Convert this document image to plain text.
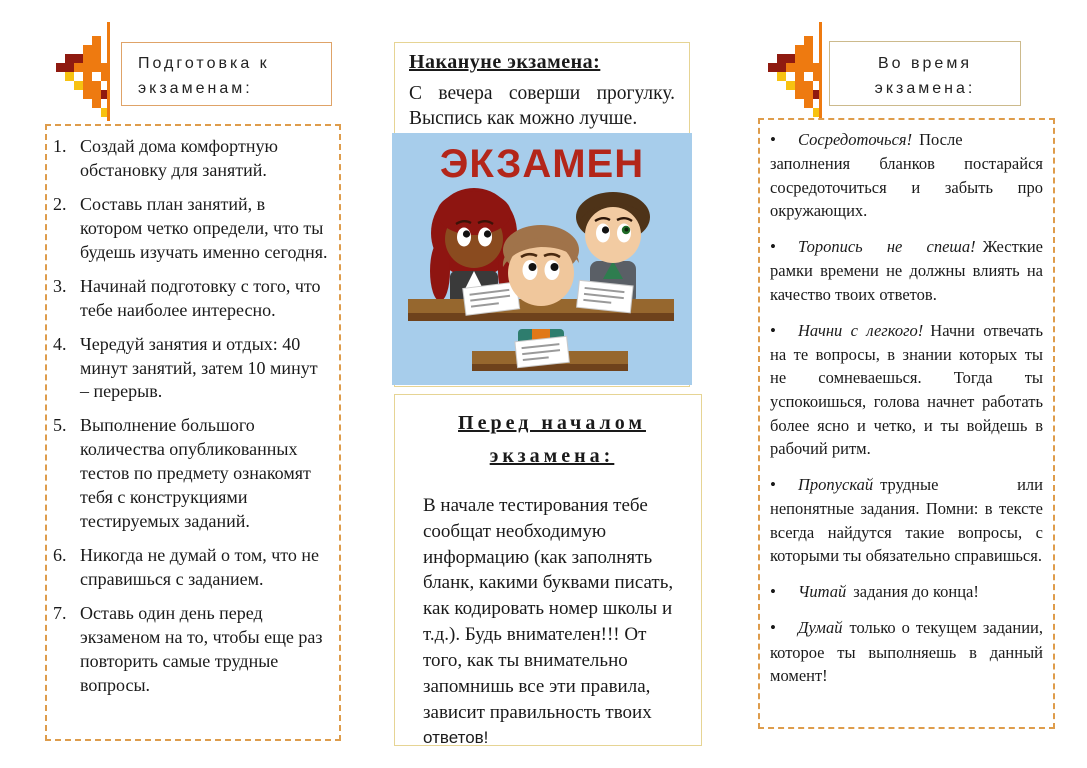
Подготовка к экзаменам:
1. Создай дома комфортную обстановку для занятий.
2. Составь план занятий, в котором четко определи, что ты будешь изучать именно сегодня.
3. Начинай подготовку с того, что тебе наиболее интересно.
4. Чередуй занятия и отдых: 40 минут занятий, затем 10 минут – перерыв.
5. Выполнение большого количества опубликованных тестов по предмету ознакомят тебя с конструкциями тестируемых заданий.
6. Никогда не думай о том, что не справишься с заданием.
7. Оставь один день перед экзаменом на то, чтобы еще раз повторить самые трудные вопросы.
Накануне экзамена:
С вечера соверши прогулку. Выспись как можно лучше.
ЭКЗАМЕН
Перед началом экзамена:
В начале тестирования тебе сообщат необходимую информацию (как заполнять бланк, какими буквами писать, как кодировать номер школы и т.д.). Будь внимателен!!! От того, как ты внимательно запомнишь все эти правила, зависит правильность твоих ответов!
Во время экзамена:

• Сосредоточься! После заполнения бланков постарайся сосредоточиться и забыть про окружающих.

• Торопись не спеша! Жесткие рамки времени не должны влиять на качество твоих ответов.

• Начни с легкого! Начни отвечать на те вопросы, в знании которых ты не сомневаешься. Тогда ты успокоишься, голова начнет работать более ясно и четко, и ты войдешь в рабочий ритм.

• Пропускай трудные или непонятные задания. Помни: в тексте всегда найдутся такие вопросы, с которыми ты обязательно справишься.

• Читай задания до конца!

• Думай только о текущем задании, которое ты выполняешь в данный момент!
